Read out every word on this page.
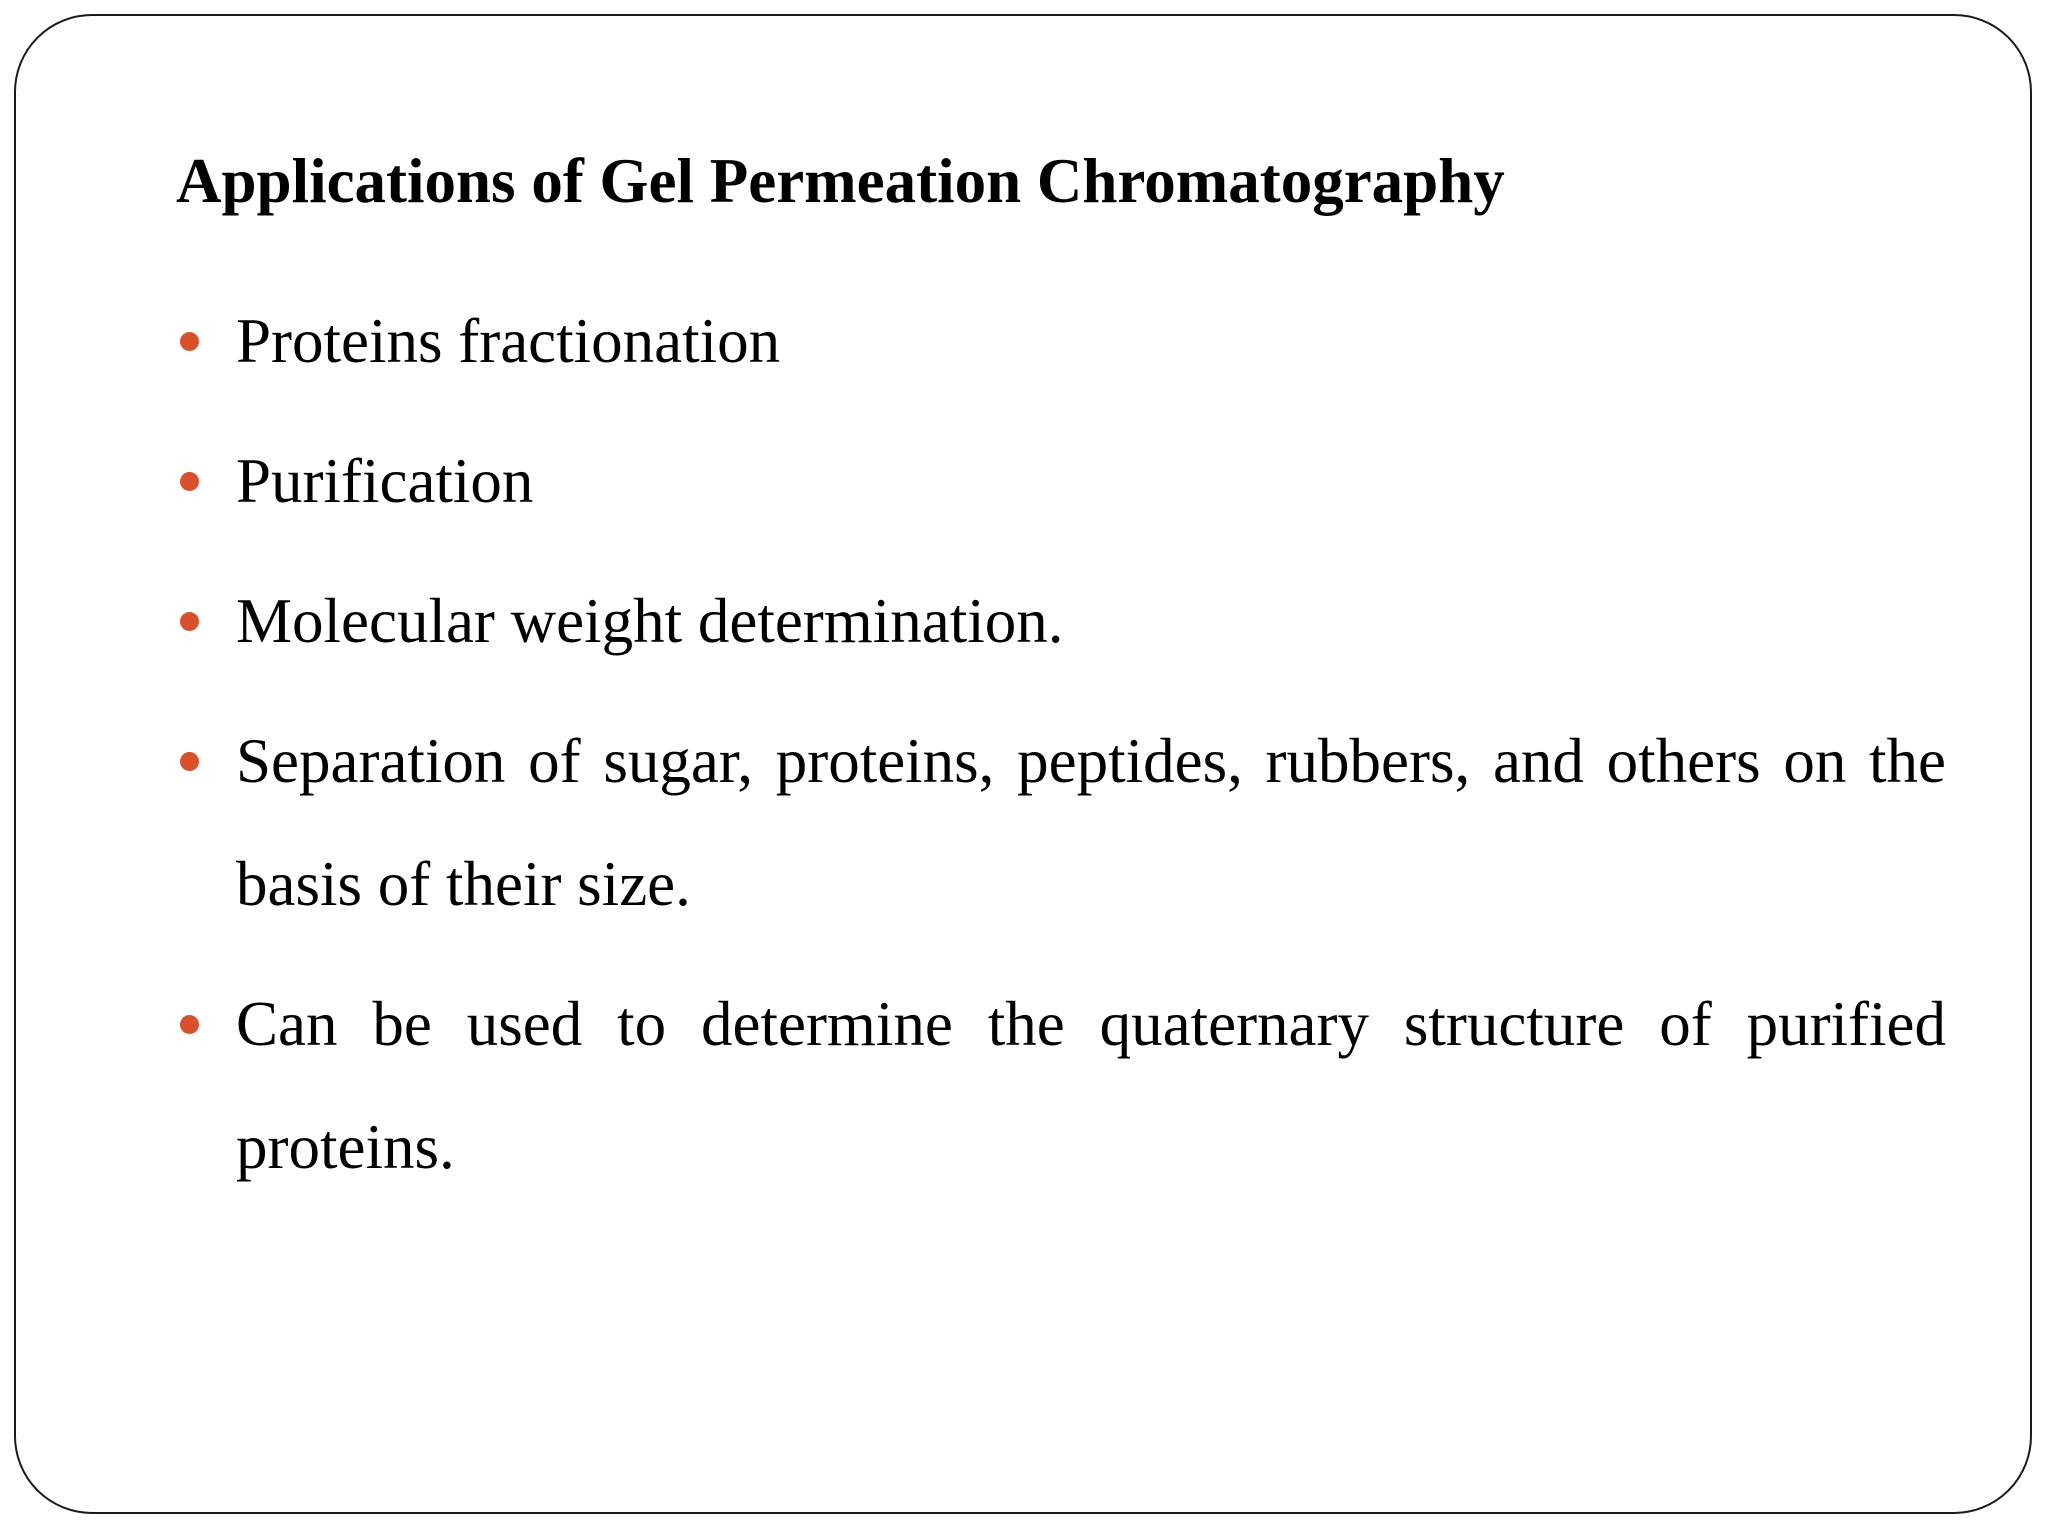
Applications of Gel Permeation Chromatography
Proteins fractionation
Purification
Molecular weight determination.
Separation of sugar, proteins, peptides, rubbers, and others on the basis of their size.
Can be used to determine the quaternary structure of purified proteins.
